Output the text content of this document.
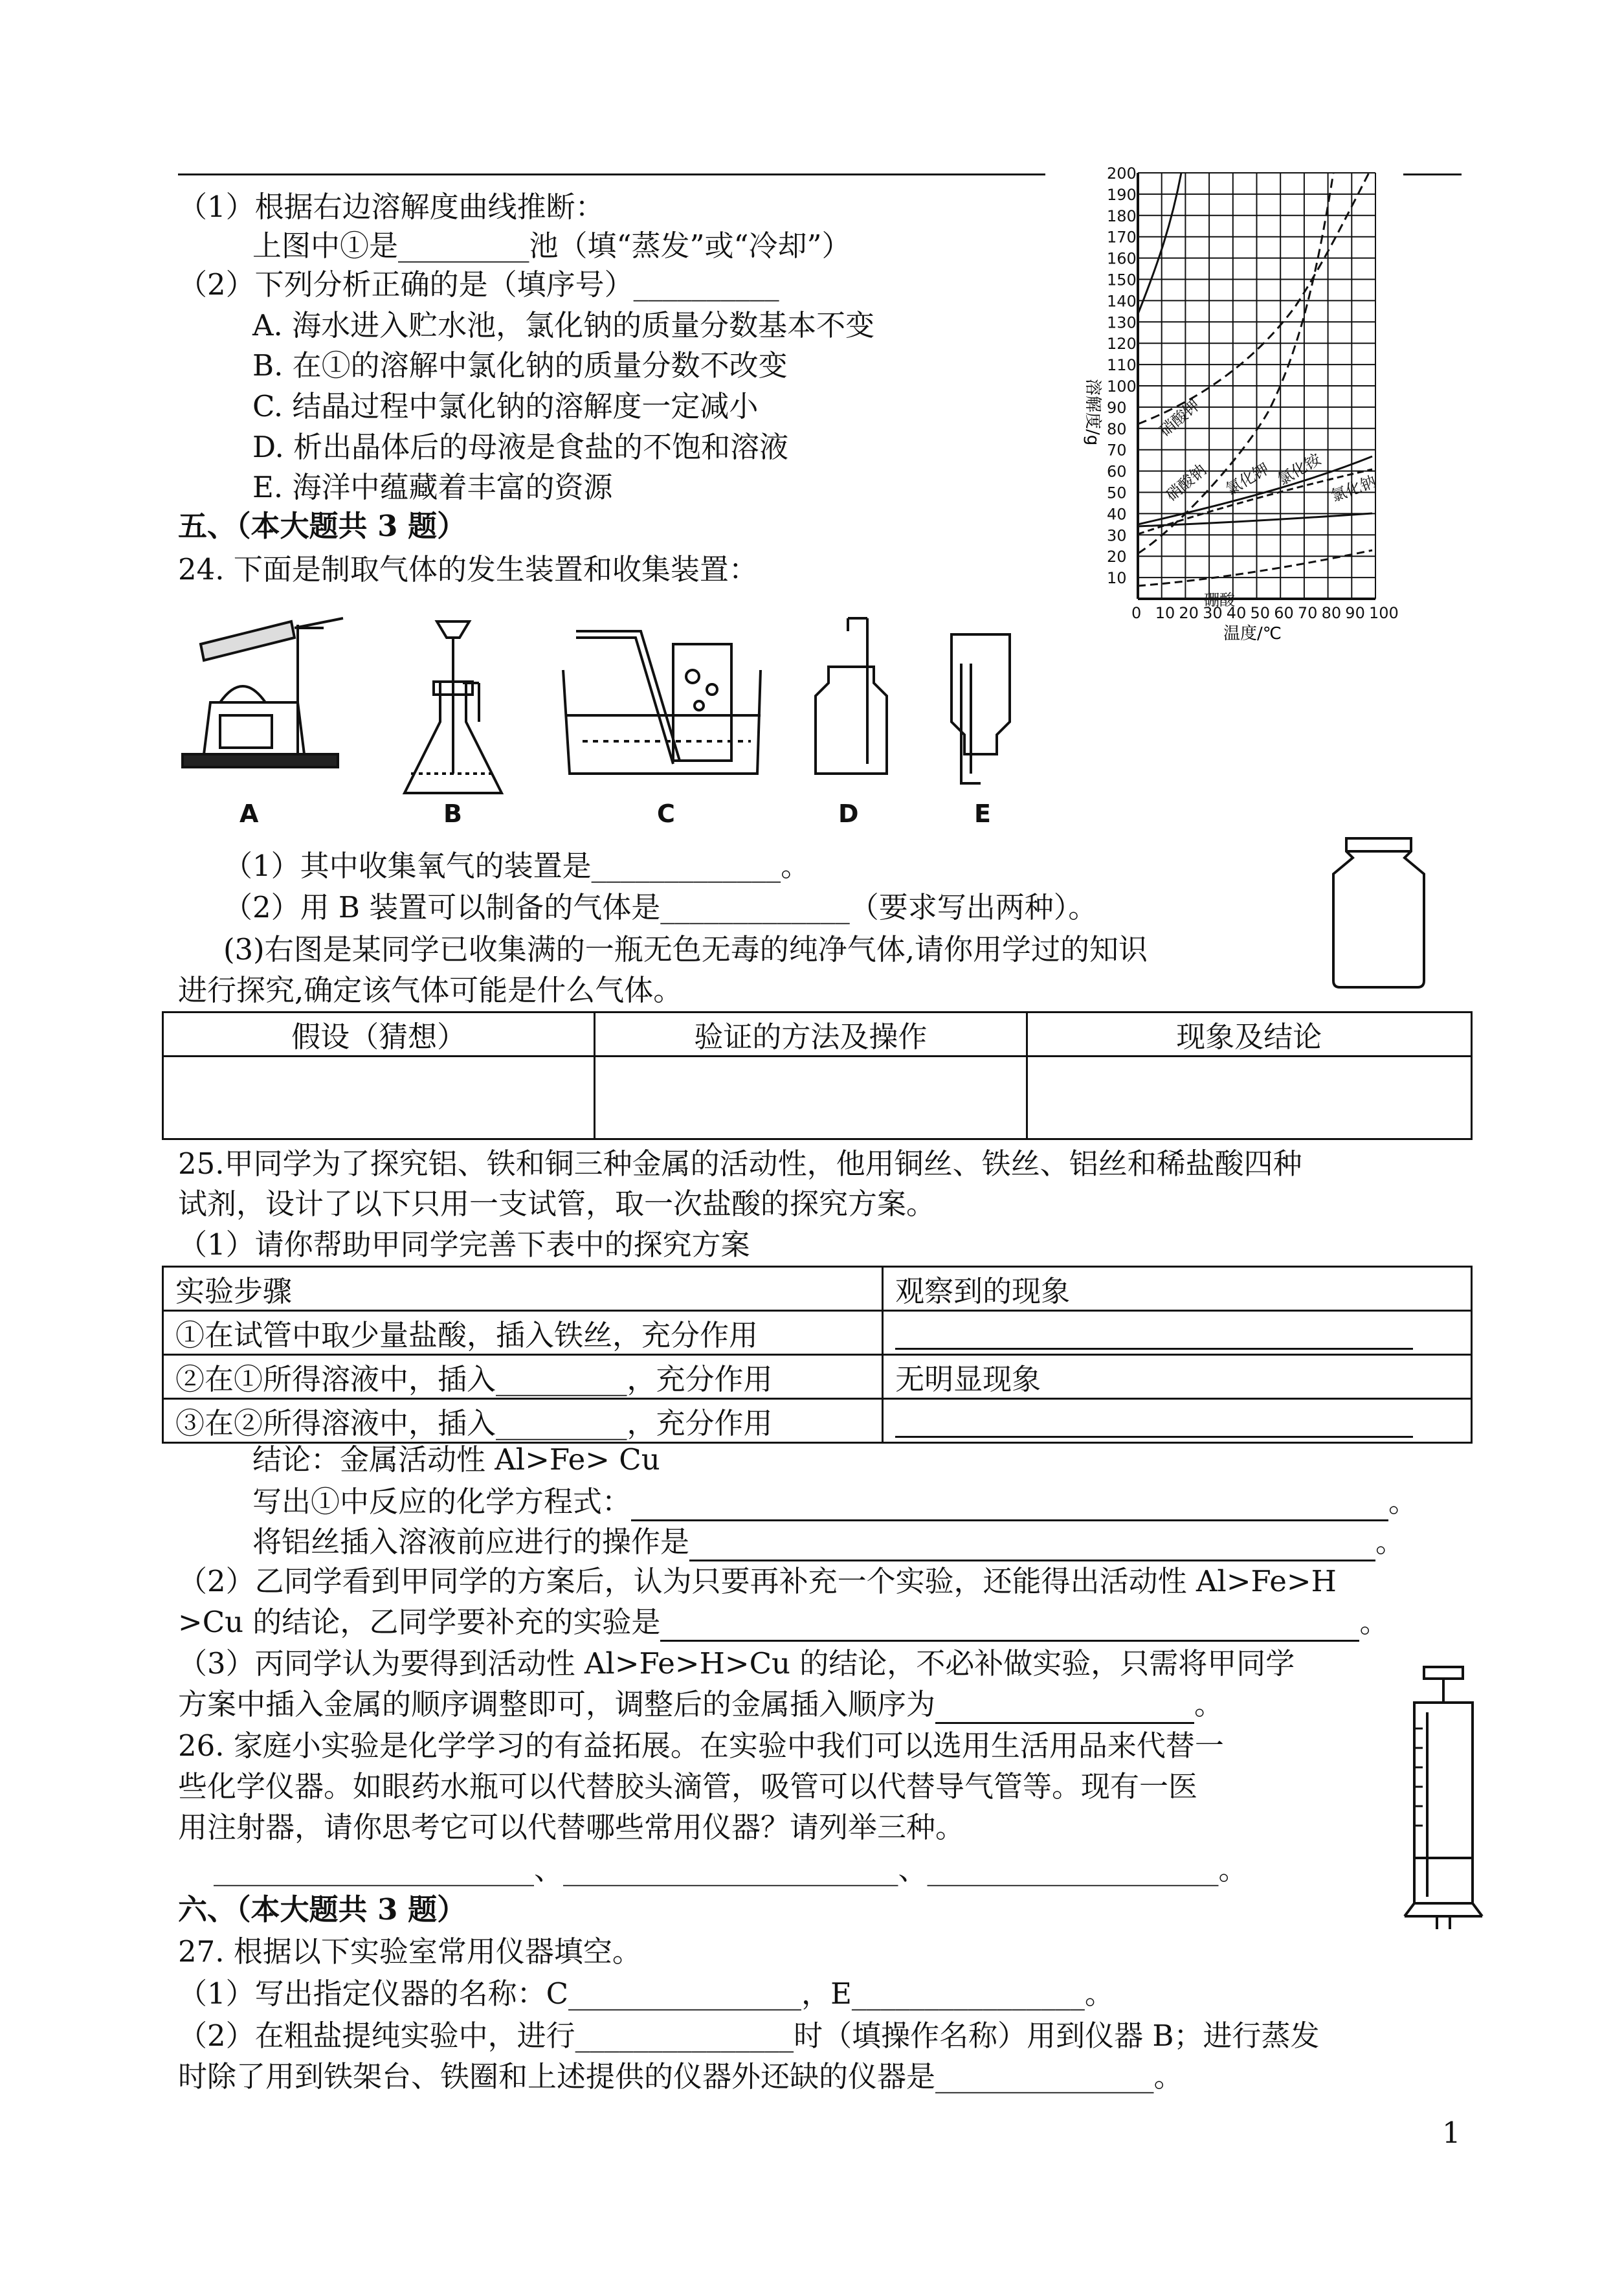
（1）根据右边溶解度曲线推断：
上图中①是_________池（填“蒸发”或“冷却”）
（2）下列分析正确的是（填序号）__________
A. 海水进入贮水池，氯化钠的质量分数基本不变
B. 在①的溶解中氯化钠的质量分数不改变
C. 结晶过程中氯化钠的溶解度一定减小
D. 析出晶体后的母液是食盐的不饱和溶液
E. 海洋中蕴藏着丰富的资源
200
190
180
170
160
150
140
130
120
110
100
90
80
70
60
50
40
30
20
10
0 10 20 30 40 50 60 70 80 90 100
溶解度/g
温度/℃
硝酸钾
硝酸钠 氯化钾 氯化铵 氯化钠
硼酸
五、（本大题共 3 题）
24. 下面是制取气体的发生装置和收集装置：
A	B	C	D	E
（1）其中收集氧气的装置是_____________。
（2）用 B 装置可以制备的气体是_____________（要求写出两种）。
(3)右图是某同学已收集满的一瓶无色无毒的纯净气体,请你用学过的知识
进行探究,确定该气体可能是什么气体。
假设（猜想）	验证的方法及操作	现象及结论

25.甲同学为了探究铝、铁和铜三种金属的活动性，他用铜丝、铁丝、铝丝和稀盐酸四种
试剂，设计了以下只用一支试管，取一次盐酸的探究方案。
（1）请你帮助甲同学完善下表中的探究方案
实验步骤	观察到的现象
①在试管中取少量盐酸，插入铁丝，充分作用	
②在①所得溶液中，插入_________，充分作用	无明显现象
③在②所得溶液中，插入_________，充分作用	
结论：金属活动性 Al>Fe> Cu
写出①中反应的化学方程式：	。
将铝丝插入溶液前应进行的操作是	。
（2）乙同学看到甲同学的方案后，认为只要再补充一个实验，还能得出活动性 Al>Fe>H
>Cu 的结论，乙同学要补充的实验是	。
（3）丙同学认为要得到活动性 Al>Fe>H>Cu 的结论，不必补做实验，只需将甲同学
方案中插入金属的顺序调整即可，调整后的金属插入顺序为	。
26. 家庭小实验是化学学习的有益拓展。在实验中我们可以选用生活用品来代替一
些化学仪器。如眼药水瓶可以代替胶头滴管，吸管可以代替导气管等。现有一医
用注射器，请你思考它可以代替哪些常用仪器？请列举三种。
______________________、_______________________、____________________。
六、（本大题共 3 题）
27. 根据以下实验室常用仪器填空。
（1）写出指定仪器的名称：C________________，E________________。
（2）在粗盐提纯实验中，进行_______________时（填操作名称）用到仪器 B；进行蒸发
时除了用到铁架台、铁圈和上述提供的仪器外还缺的仪器是_______________。
1
